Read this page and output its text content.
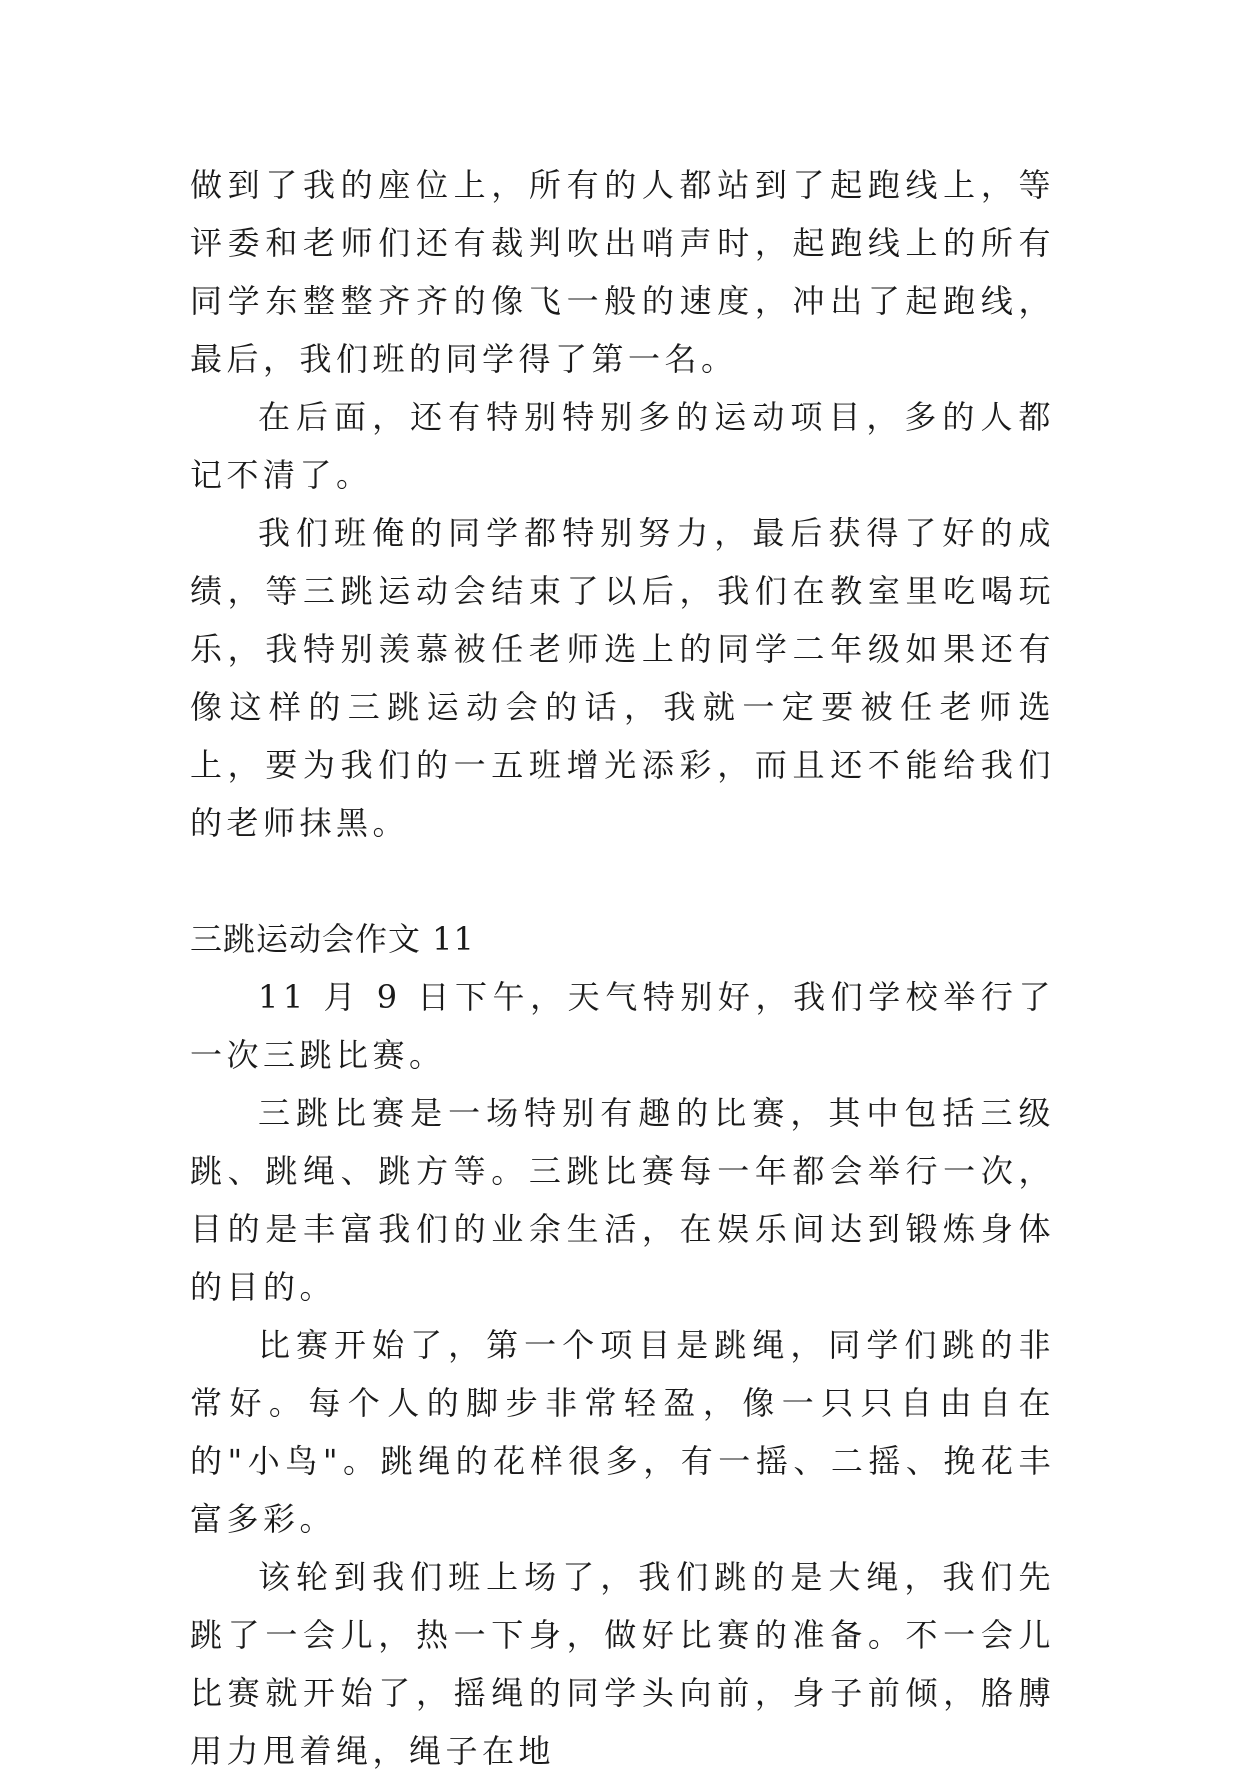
做到了我的座位上，所有的人都站到了起跑线上，等评委和老师们还有裁判吹出哨声时，起跑线上的所有同学东整整齐齐的像飞一般的速度，冲出了起跑线，最后，我们班的同学得了第一名。

在后面，还有特别特别多的运动项目，多的人都记不清了。

我们班俺的同学都特别努力，最后获得了好的成绩，等三跳运动会结束了以后，我们在教室里吃喝玩乐，我特别羡慕被任老师选上的同学二年级如果还有像这样的三跳运动会的话，我就一定要被任老师选上，要为我们的一五班增光添彩，而且还不能给我们的老师抹黑。

三跳运动会作文 11

11 月 9 日下午，天气特别好，我们学校举行了一次三跳比赛。

三跳比赛是一场特别有趣的比赛，其中包括三级跳、跳绳、跳方等。三跳比赛每一年都会举行一次，目的是丰富我们的业余生活，在娱乐间达到锻炼身体的目的。

比赛开始了，第一个项目是跳绳，同学们跳的非常好。每个人的脚步非常轻盈，像一只只自由自在的"小鸟"。跳绳的花样很多，有一摇、二摇、挽花丰富多彩。

该轮到我们班上场了，我们跳的是大绳，我们先跳了一会儿，热一下身，做好比赛的准备。不一会儿比赛就开始了，摇绳的同学头向前，身子前倾，胳膊用力甩着绳，绳子在地
